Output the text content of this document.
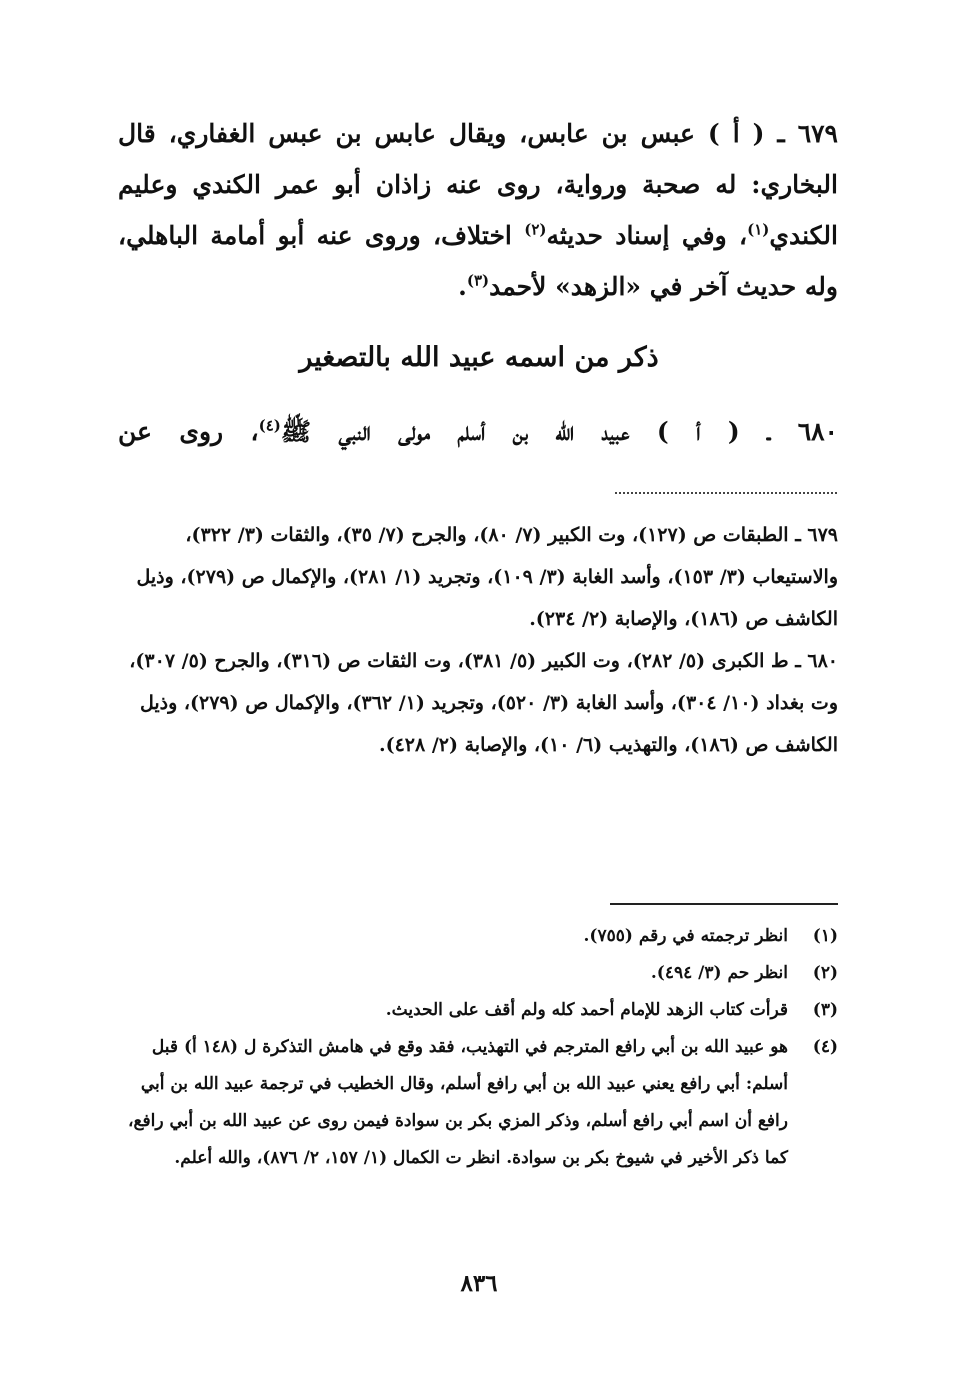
٦٧٩ ـ ( أ ) عبس بن عابس، ويقال عابس بن عبس الغفاري، قال البخاري: له صحبة ورواية، روى عنه زاذان أبو عمر الكندي وعليم الكندي$^{(١)}$، وفي إسناد حديثه$^{(٢)}$ اختلاف، وروى عنه أبو أمامة الباهلي، وله حديث آخر في «الزهد» لأحمد$^{(٣)}$.

ذكر من اسمه عبيد الله بالتصغير
٦٨٠ ـ ( أ ) عبيد الله بن أسلم مولى النبي ﷺ$^{(٤)}$، روى عن
٦٧٩ ـ الطبقات ص (١٢٧)، وت الكبير (٧/ ٨٠)، والجرح (٧/ ٣٥)، والثقات (٣/ ٣٢٢)، والاستيعاب (٣/ ١٥٣)، وأسد الغابة (٣/ ١٠٩)، وتجريد (١/ ٢٨١)، والإكمال ص (٢٧٩)، وذيل الكاشف ص (١٨٦)، والإصابة (٢/ ٢٣٤).
٦٨٠ ـ ط الكبرى (٥/ ٢٨٢)، وت الكبير (٥/ ٣٨١)، وت الثقات ص (٣١٦)، والجرح (٥/ ٣٠٧)، وت بغداد (١٠/ ٣٠٤)، وأسد الغابة (٣/ ٥٢٠)، وتجريد (١/ ٣٦٢)، والإكمال ص (٢٧٩)، وذيل الكاشف ص (١٨٦)، والتهذيب (٦/ ١٠)، والإصابة (٢/ ٤٢٨).
(١)
انظر ترجمته في رقم (٧٥٥).
(٢)
انظر حم (٣/ ٤٩٤).
(٣)
قرأت كتاب الزهد للإمام أحمد كله ولم أقف على الحديث.
(٤)
هو عبيد الله بن أبي رافع المترجم في التهذيب، فقد وقع في هامش التذكرة ل (١٤٨ أ) قبل أسلم: أبي رافع يعني عبيد الله بن أبي رافع أسلم، وقال الخطيب في ترجمة عبيد الله بن أبي رافع أن اسم أبي رافع أسلم، وذكر المزي بكر بن سوادة فيمن روى عن عبيد الله بن أبي رافع، كما ذكر الأخير في شيوخ بكر بن سوادة. انظر ت الكمال (١/ ١٥٧، ٢/ ٨٧٦)، والله أعلم.
٨٣٦
